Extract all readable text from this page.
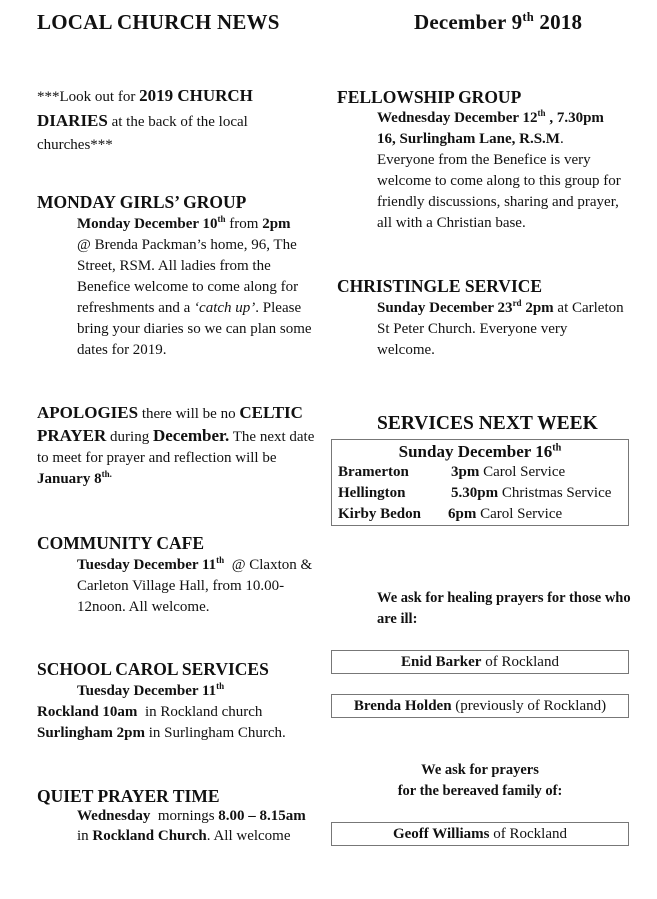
LOCAL CHURCH NEWS	December 9th 2018
***Look out for 2019 CHURCH DIARIES at the back of the local churches***
MONDAY GIRLS’ GROUP
Monday December 10th from 2pm
@ Brenda Packman’s home, 96, The Street, RSM. All ladies from the Benefice welcome to come along for refreshments and a ‘catch up’. Please bring your diaries so we can plan some dates for 2019.
APOLOGIES there will be no CELTIC PRAYER during December. The next date to meet for prayer and reflection will be January $8^{th.}$
COMMUNITY CAFE
Tuesday December 11th  @ Claxton & Carleton Village Hall, from 10.00-12noon. All welcome.
SCHOOL CAROL SERVICES
Tuesday December 11th
Rockland 10am  in Rockland church
Surlingham 2pm in Surlingham Church.
QUIET PRAYER TIME
Wednesday  mornings 8.00 – 8.15am
in Rockland Church. All welcome
FELLOWSHIP GROUP
Wednesday December 12th , 7.30pm
16, Surlingham Lane, R.S.M.
Everyone from the Benefice is very welcome to come along to this group for friendly discussions, sharing and prayer, all with a Christian base.
CHRISTINGLE SERVICE
Sunday December 23rd 2pm at Carleton St Peter Church. Everyone very welcome.
SERVICES NEXT WEEK
Sunday December 16th
Bramerton	3pm Carol Service
Hellington	5.30pm Christmas Service
Kirby Bedon	6pm Carol Service
We ask for healing prayers for those who are ill:
Enid Barker of Rockland
Brenda Holden (previously of Rockland)
We ask for prayers
for the bereaved family of:
Geoff Williams of Rockland
